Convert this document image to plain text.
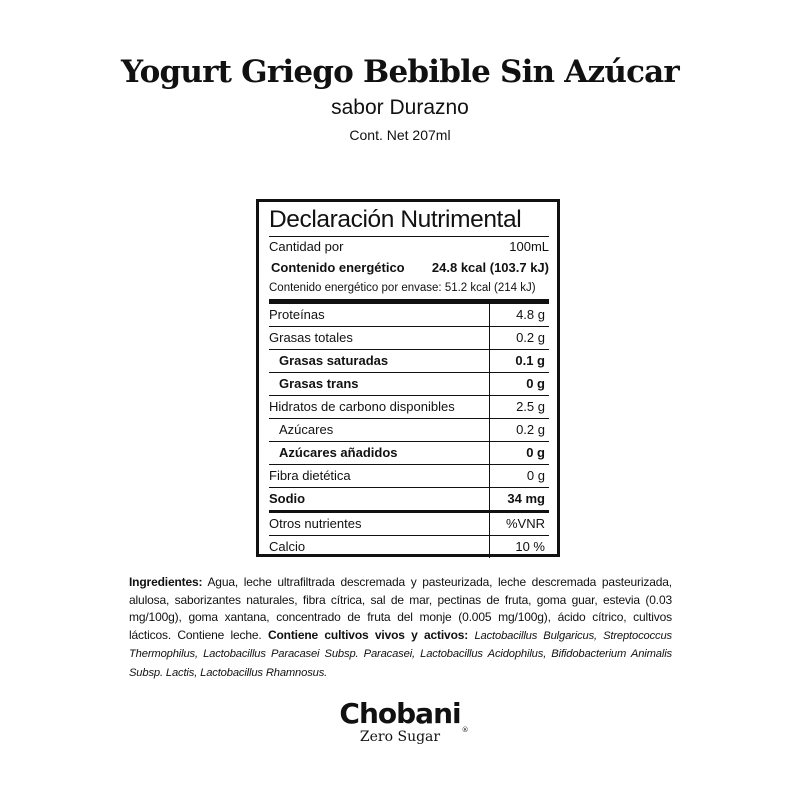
Yogurt Griego Bebible Sin Azúcar
sabor Durazno
Cont. Net 207ml
Declaración Nutrimental
Cantidad por	100mL
Contenido energético 24.8 kcal (103.7 kJ)
Contenido energético por envase: 51.2 kcal (214 kJ)
Proteínas	4.8 g
Grasas totales	0.2 g
Grasas saturadas	0.1 g
Grasas trans	0 g
Hidratos de carbono disponibles	2.5 g
Azúcares	0.2 g
Azúcares añadidos	0 g
Fibra dietética	0 g
Sodio	34 mg
Otros nutrientes	%VNR
Calcio	10 %
Ingredientes: Agua, leche ultrafiltrada descremada y pasteurizada, leche descremada pasteurizada, alulosa, saborizantes naturales, fibra cítrica, sal de mar, pectinas de fruta, goma guar, estevia (0.03 mg/100g), goma xantana, concentrado de fruta del monje (0.005 mg/100g), ácido cítrico, cultivos lácticos. Contiene leche. Contiene cultivos vivos y activos: Lactobacillus Bulgaricus, Streptococcus Thermophilus, Lactobacillus Paracasei Subsp. Paracasei, Lactobacillus Acidophilus, Bifidobacterium Animalis Subsp. Lactis, Lactobacillus Rhamnosus.
Chobani ®
Zero Sugar
